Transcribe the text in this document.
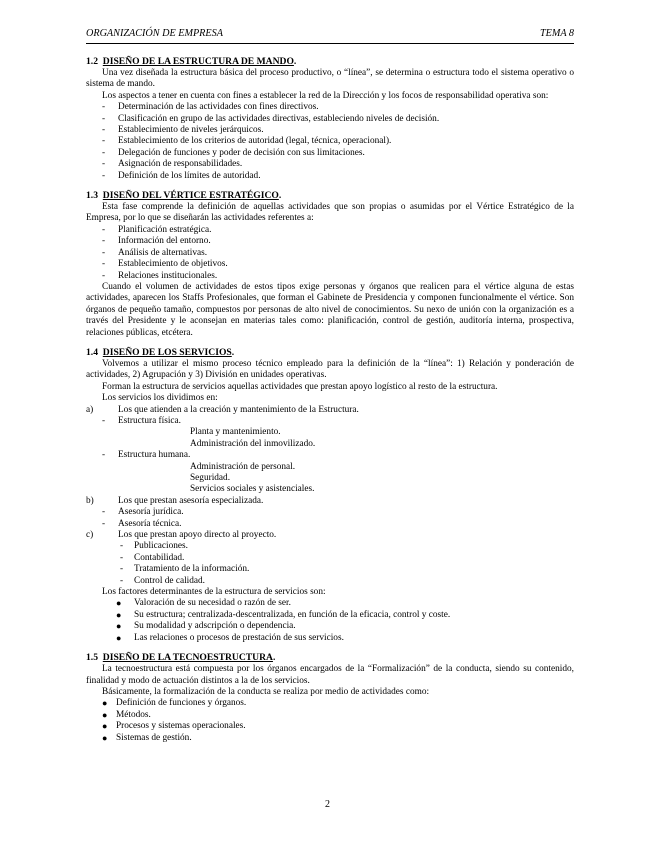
ORGANIZACIÓN DE EMPRESA	TEMA 8
1.2 DISEÑO DE LA ESTRUCTURA DE MANDO.

Una vez diseñada la estructura básica del proceso productivo, o “línea”, se determina o estructura todo el sistema operativo o sistema de mando.

Los aspectos a tener en cuenta con fines a establecer la red de la Dirección y los focos de responsabilidad operativa son:

- Determinación de las actividades con fines directivos.
- Clasificación en grupo de las actividades directivas, estableciendo niveles de decisión.
- Establecimiento de niveles jerárquicos.
- Establecimiento de los criterios de autoridad (legal, técnica, operacional).
- Delegación de funciones y poder de decisión con sus limitaciones.
- Asignación de responsabilidades.
- Definición de los límites de autoridad.
1.3 DISEÑO DEL VÉRTICE ESTRATÉGICO.

Esta fase comprende la definición de aquellas actividades que son propias o asumidas por el Vértice Estratégico de la Empresa, por lo que se diseñarán las actividades referentes a:

- Planificación estratégica.
- Información del entorno.
- Análisis de alternativas.
- Establecimiento de objetivos.
- Relaciones institucionales.

Cuando el volumen de actividades de estos tipos exige personas y órganos que realicen para el vértice alguna de estas actividades, aparecen los Staffs Profesionales, que forman el Gabinete de Presidencia y componen funcionalmente el vértice. Son órganos de pequeño tamaño, compuestos por personas de alto nivel de conocimientos. Su nexo de unión con la organización es a través del Presidente y le aconsejan en materias tales como: planificación, control de gestión, auditoría interna, prospectiva, relaciones públicas, etcétera.

1.4 DISEÑO DE LOS SERVICIOS.

Volvemos a utilizar el mismo proceso técnico empleado para la definición de la “línea”: 1) Relación y ponderación de actividades, 2) Agrupación y 3) División en unidades operativas.

Forman la estructura de servicios aquellas actividades que prestan apoyo logístico al resto de la estructura.

Los servicios los dividimos en:

a)	Los que atienden a la creación y mantenimiento de la Estructura.
- Estructura física.
Planta y mantenimiento.
Administración del inmovilizado.
- Estructura humana.
Administración de personal.
Seguridad.
Servicios sociales y asistenciales.
b)	Los que prestan asesoría especializada.
- Asesoría jurídica.
- Asesoría técnica.
c)	Los que prestan apoyo directo al proyecto.
- Publicaciones.
- Contabilidad.
- Tratamiento de la información.
- Control de calidad.

Los factores determinantes de la estructura de servicios son:

● Valoración de su necesidad o razón de ser.
● Su estructura; centralizada-descentralizada, en función de la eficacia, control y coste.
● Su modalidad y adscripción o dependencia.
● Las relaciones o procesos de prestación de sus servicios.
1.5 DISEÑO DE LA TECNOESTRUCTURA.

La tecnoestructura está compuesta por los órganos encargados de la “Formalización” de la conducta, siendo su contenido, finalidad y modo de actuación distintos a la de los servicios.

Básicamente, la formalización de la conducta se realiza por medio de actividades como:

● Definición de funciones y órganos.
● Métodos.
● Procesos y sistemas operacionales.
● Sistemas de gestión.
2
